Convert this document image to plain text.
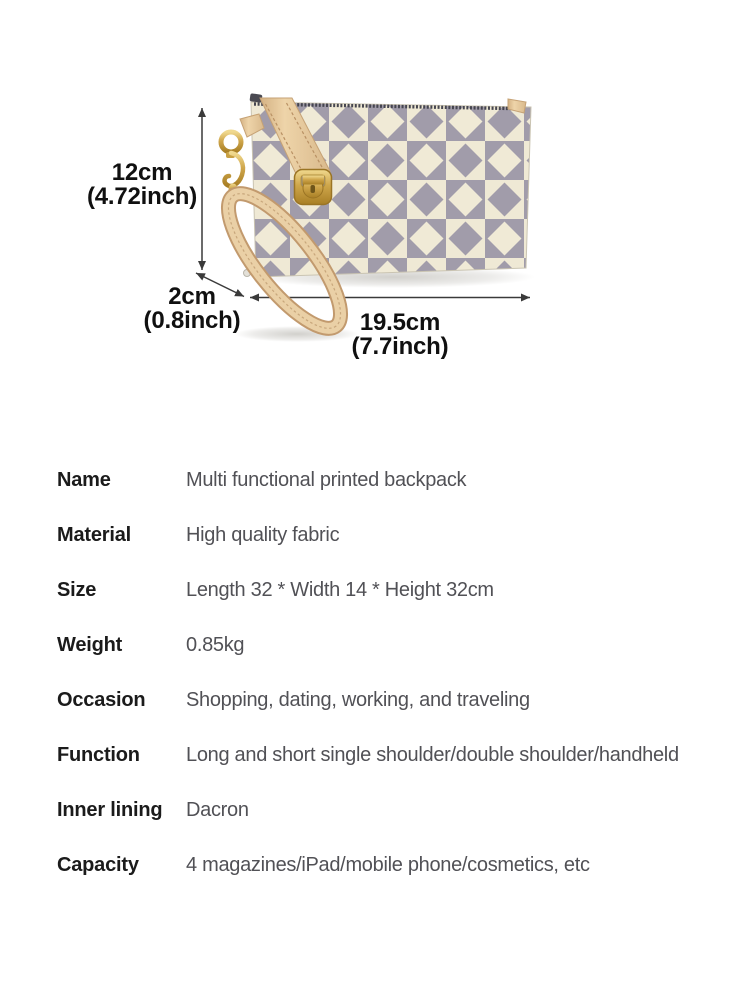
12cm
(4.72inch)
2cm
(0.8inch)	19.5cm
(7.7inch)
Name	Multi functional printed backpack
Material	High quality fabric
Size	Length 32 * Width 14 * Height 32cm
Weight	0.85kg
Occasion	Shopping, dating, working, and traveling
Function	Long and short single shoulder/double shoulder/handheld
Inner lining	Dacron
Capacity	4 magazines/iPad/mobile phone/cosmetics, etc
